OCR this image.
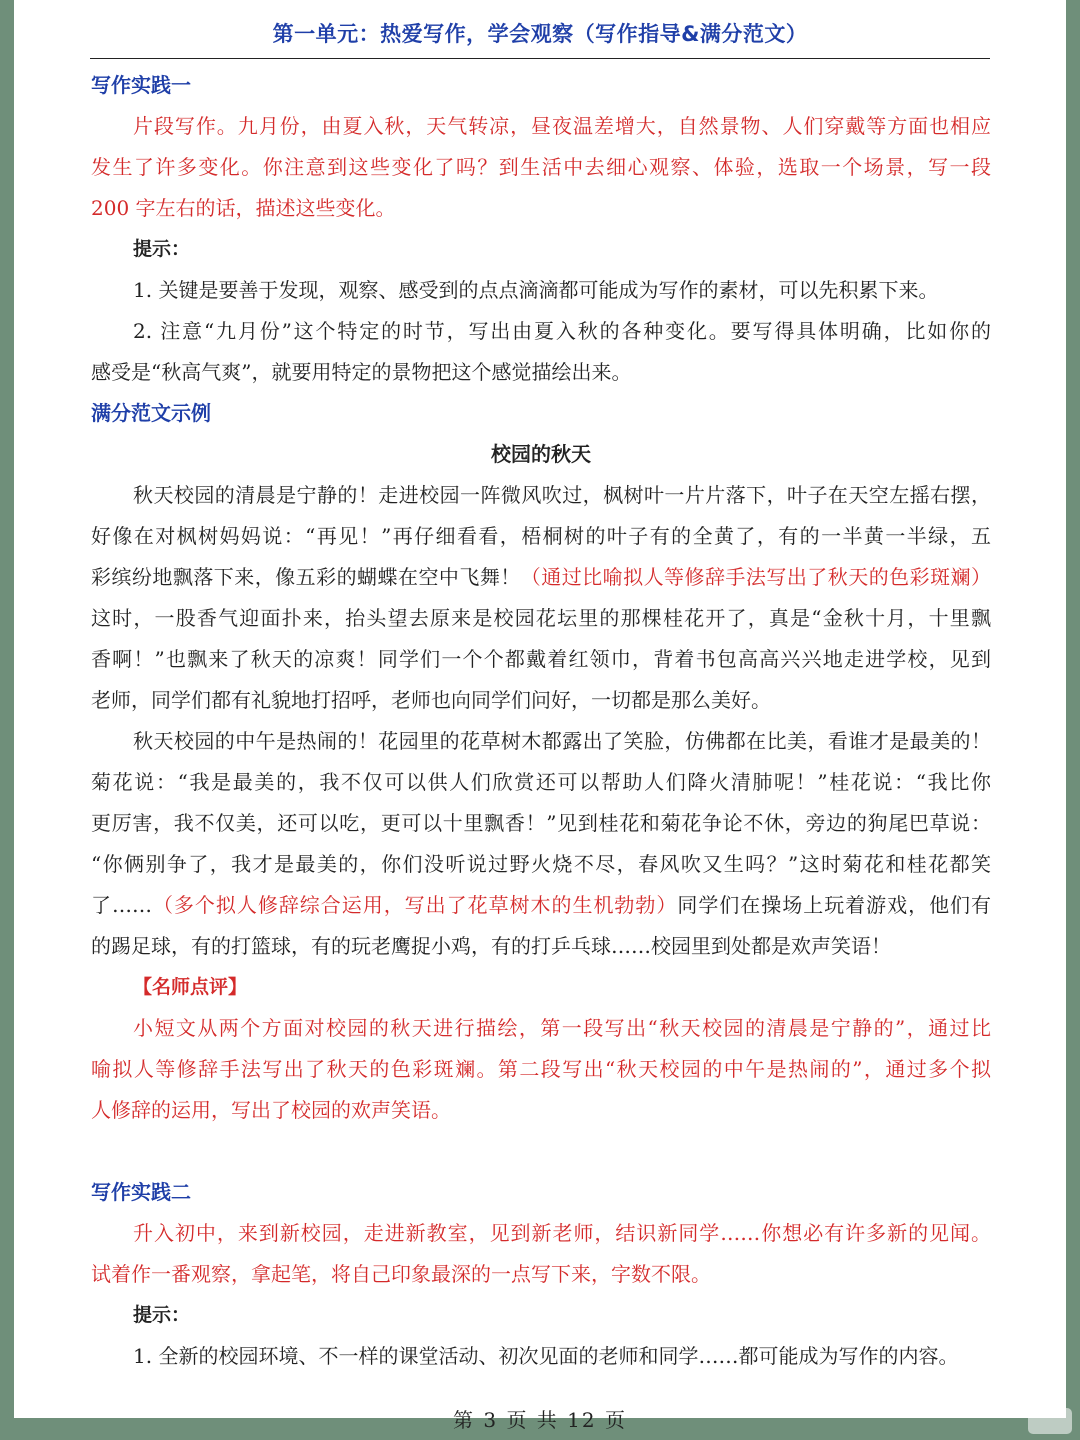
第一单元：热爱写作，学会观察（写作指导&满分范文）
写作实践一
片段写作。九月份，由夏入秋，天气转凉，昼夜温差增大，自然景物、人们穿戴等方面也相应
发生了许多变化。你注意到这些变化了吗？到生活中去细心观察、体验，选取一个场景，写一段
200 字左右的话，描述这些变化。
提示：
1. 关键是要善于发现，观察、感受到的点点滴滴都可能成为写作的素材，可以先积累下来。
2. 注意“九月份”这个特定的时节，写出由夏入秋的各种变化。要写得具体明确，比如你的
感受是“秋高气爽”，就要用特定的景物把这个感觉描绘出来。
满分范文示例
校园的秋天
秋天校园的清晨是宁静的！走进校园一阵微风吹过，枫树叶一片片落下，叶子在天空左摇右摆，
好像在对枫树妈妈说：“再见！”再仔细看看，梧桐树的叶子有的全黄了，有的一半黄一半绿，五
彩缤纷地飘落下来，像五彩的蝴蝶在空中飞舞！（通过比喻拟人等修辞手法写出了秋天的色彩斑斓）
这时，一股香气迎面扑来，抬头望去原来是校园花坛里的那棵桂花开了，真是“金秋十月，十里飘
香啊！”也飘来了秋天的凉爽！同学们一个个都戴着红领巾，背着书包高高兴兴地走进学校，见到
老师，同学们都有礼貌地打招呼，老师也向同学们问好，一切都是那么美好。
秋天校园的中午是热闹的！花园里的花草树木都露出了笑脸，仿佛都在比美，看谁才是最美的！
菊花说：“我是最美的，我不仅可以供人们欣赏还可以帮助人们降火清肺呢！”桂花说：“我比你
更厉害，我不仅美，还可以吃，更可以十里飘香！”见到桂花和菊花争论不休，旁边的狗尾巴草说：
“你俩别争了，我才是最美的，你们没听说过野火烧不尽，春风吹又生吗？”这时菊花和桂花都笑
了……（多个拟人修辞综合运用，写出了花草树木的生机勃勃）同学们在操场上玩着游戏，他们有
的踢足球，有的打篮球，有的玩老鹰捉小鸡，有的打乒乓球……校园里到处都是欢声笑语！
【名师点评】
小短文从两个方面对校园的秋天进行描绘，第一段写出“秋天校园的清晨是宁静的”，通过比
喻拟人等修辞手法写出了秋天的色彩斑斓。第二段写出“秋天校园的中午是热闹的”，通过多个拟
人修辞的运用，写出了校园的欢声笑语。
写作实践二
升入初中，来到新校园，走进新教室，见到新老师，结识新同学……你想必有许多新的见闻。
试着作一番观察，拿起笔，将自己印象最深的一点写下来，字数不限。
提示：
1. 全新的校园环境、不一样的课堂活动、初次见面的老师和同学……都可能成为写作的内容。
第 3 页 共 12 页
